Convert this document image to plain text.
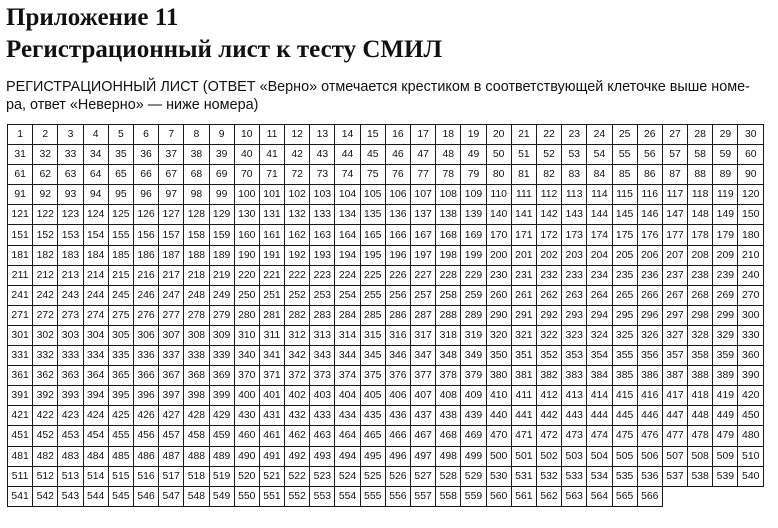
Приложение 11
Регистрационный лист к тесту СМИЛ

РЕГИСТРАЦИОННЫЙ ЛИСТ (ОТВЕТ «Верно» отмечается крестиком в соответствующей клеточке выше номе-
ра, ответ «Неверно» — ниже номера)

1	2	3	4	5	6	7	8	9	10	11	12	13	14	15	16	17	18	19	20	21	22	23	24	25	26	27	28	29	30
31	32	33	34	35	36	37	38	39	40	41	42	43	44	45	46	47	48	49	50	51	52	53	54	55	56	57	58	59	60
61	62	63	64	65	66	67	68	69	70	71	72	73	74	75	76	77	78	79	80	81	82	83	84	85	86	87	88	89	90
91	92	93	94	95	96	97	98	99	100	101	102	103	104	105	106	107	108	109	110	111	112	113	114	115	116	117	118	119	120
121	122	123	124	125	126	127	128	129	130	131	132	133	134	135	136	137	138	139	140	141	142	143	144	145	146	147	148	149	150
151	152	153	154	155	156	157	158	159	160	161	162	163	164	165	166	167	168	169	170	171	172	173	174	175	176	177	178	179	180
181	182	183	184	185	186	187	188	189	190	191	192	193	194	195	196	197	198	199	200	201	202	203	204	205	206	207	208	209	210
211	212	213	214	215	216	217	218	219	220	221	222	223	224	225	226	227	228	229	230	231	232	233	234	235	236	237	238	239	240
241	242	243	244	245	246	247	248	249	250	251	252	253	254	255	256	257	258	259	260	261	262	263	264	265	266	267	268	269	270
271	272	273	274	275	276	277	278	279	280	281	282	283	284	285	286	287	288	289	290	291	292	293	294	295	296	297	298	299	300
301	302	303	304	305	306	307	308	309	310	311	312	313	314	315	316	317	318	319	320	321	322	323	324	325	326	327	328	329	330
331	332	333	334	335	336	337	338	339	340	341	342	343	344	345	346	347	348	349	350	351	352	353	354	355	356	357	358	359	360
361	362	363	364	365	366	367	368	369	370	371	372	373	374	375	376	377	378	379	380	381	382	383	384	385	386	387	388	389	390
391	392	393	394	395	396	397	398	399	400	401	402	403	404	405	406	407	408	409	410	411	412	413	414	415	416	417	418	419	420
421	422	423	424	425	426	427	428	429	430	431	432	433	434	435	436	437	438	439	440	441	442	443	444	445	446	447	448	449	450
451	452	453	454	455	456	457	458	459	460	461	462	463	464	465	466	467	468	469	470	471	472	473	474	475	476	477	478	479	480
481	482	483	484	485	486	487	488	489	490	491	492	493	494	495	496	497	498	499	500	501	502	503	504	505	506	507	508	509	510
511	512	513	514	515	516	517	518	519	520	521	522	523	524	525	526	527	528	529	530	531	532	533	534	535	536	537	538	539	540
541	542	543	544	545	546	547	548	549	550	551	552	553	554	555	556	557	558	559	560	561	562	563	564	565	566				
